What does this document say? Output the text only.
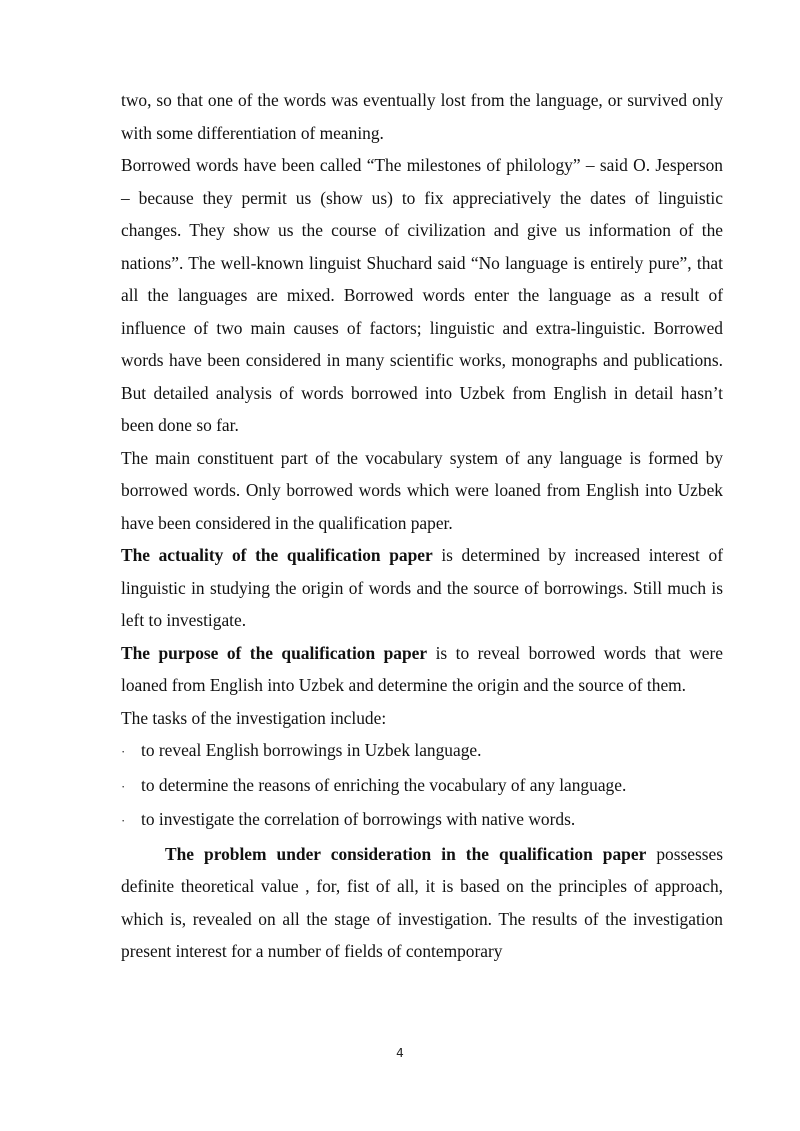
two, so that one of the words was eventually lost from the language, or survived only with some differentiation of meaning.

Borrowed words have been called “The milestones of philology” – said O. Jesperson – because they permit us (show us) to fix appreciatively the dates of linguistic changes. They show us the course of civilization and give us information of the nations”. The well-known linguist Shuchard said “No language is entirely pure”, that all the languages are mixed. Borrowed words enter the language as a result of influence of two main causes of factors; linguistic and extra-linguistic. Borrowed words have been considered in many scientific works, monographs and publications. But detailed analysis of words borrowed into Uzbek from English in detail hasn’t been done so far.

The main constituent part of the vocabulary system of any language is formed by borrowed words. Only borrowed words which were loaned from English into Uzbek have been considered in the qualification paper.

The actuality of the qualification paper is determined by increased interest of linguistic in studying the origin of words and the source of borrowings. Still much is left to investigate.

The purpose of the qualification paper is to reveal borrowed words that were loaned from English into Uzbek and determine the origin and the source of them.

The tasks of the investigation include:

· to reveal English borrowings in Uzbek language.
· to determine the reasons of enriching the vocabulary of any language.
· to investigate the correlation of borrowings with native words.

The problem under consideration in the qualification paper possesses definite theoretical value , for, fist of all, it is based on the principles of approach, which is, revealed on all the stage of investigation. The results of the investigation present interest for a number of fields of contemporary

4
